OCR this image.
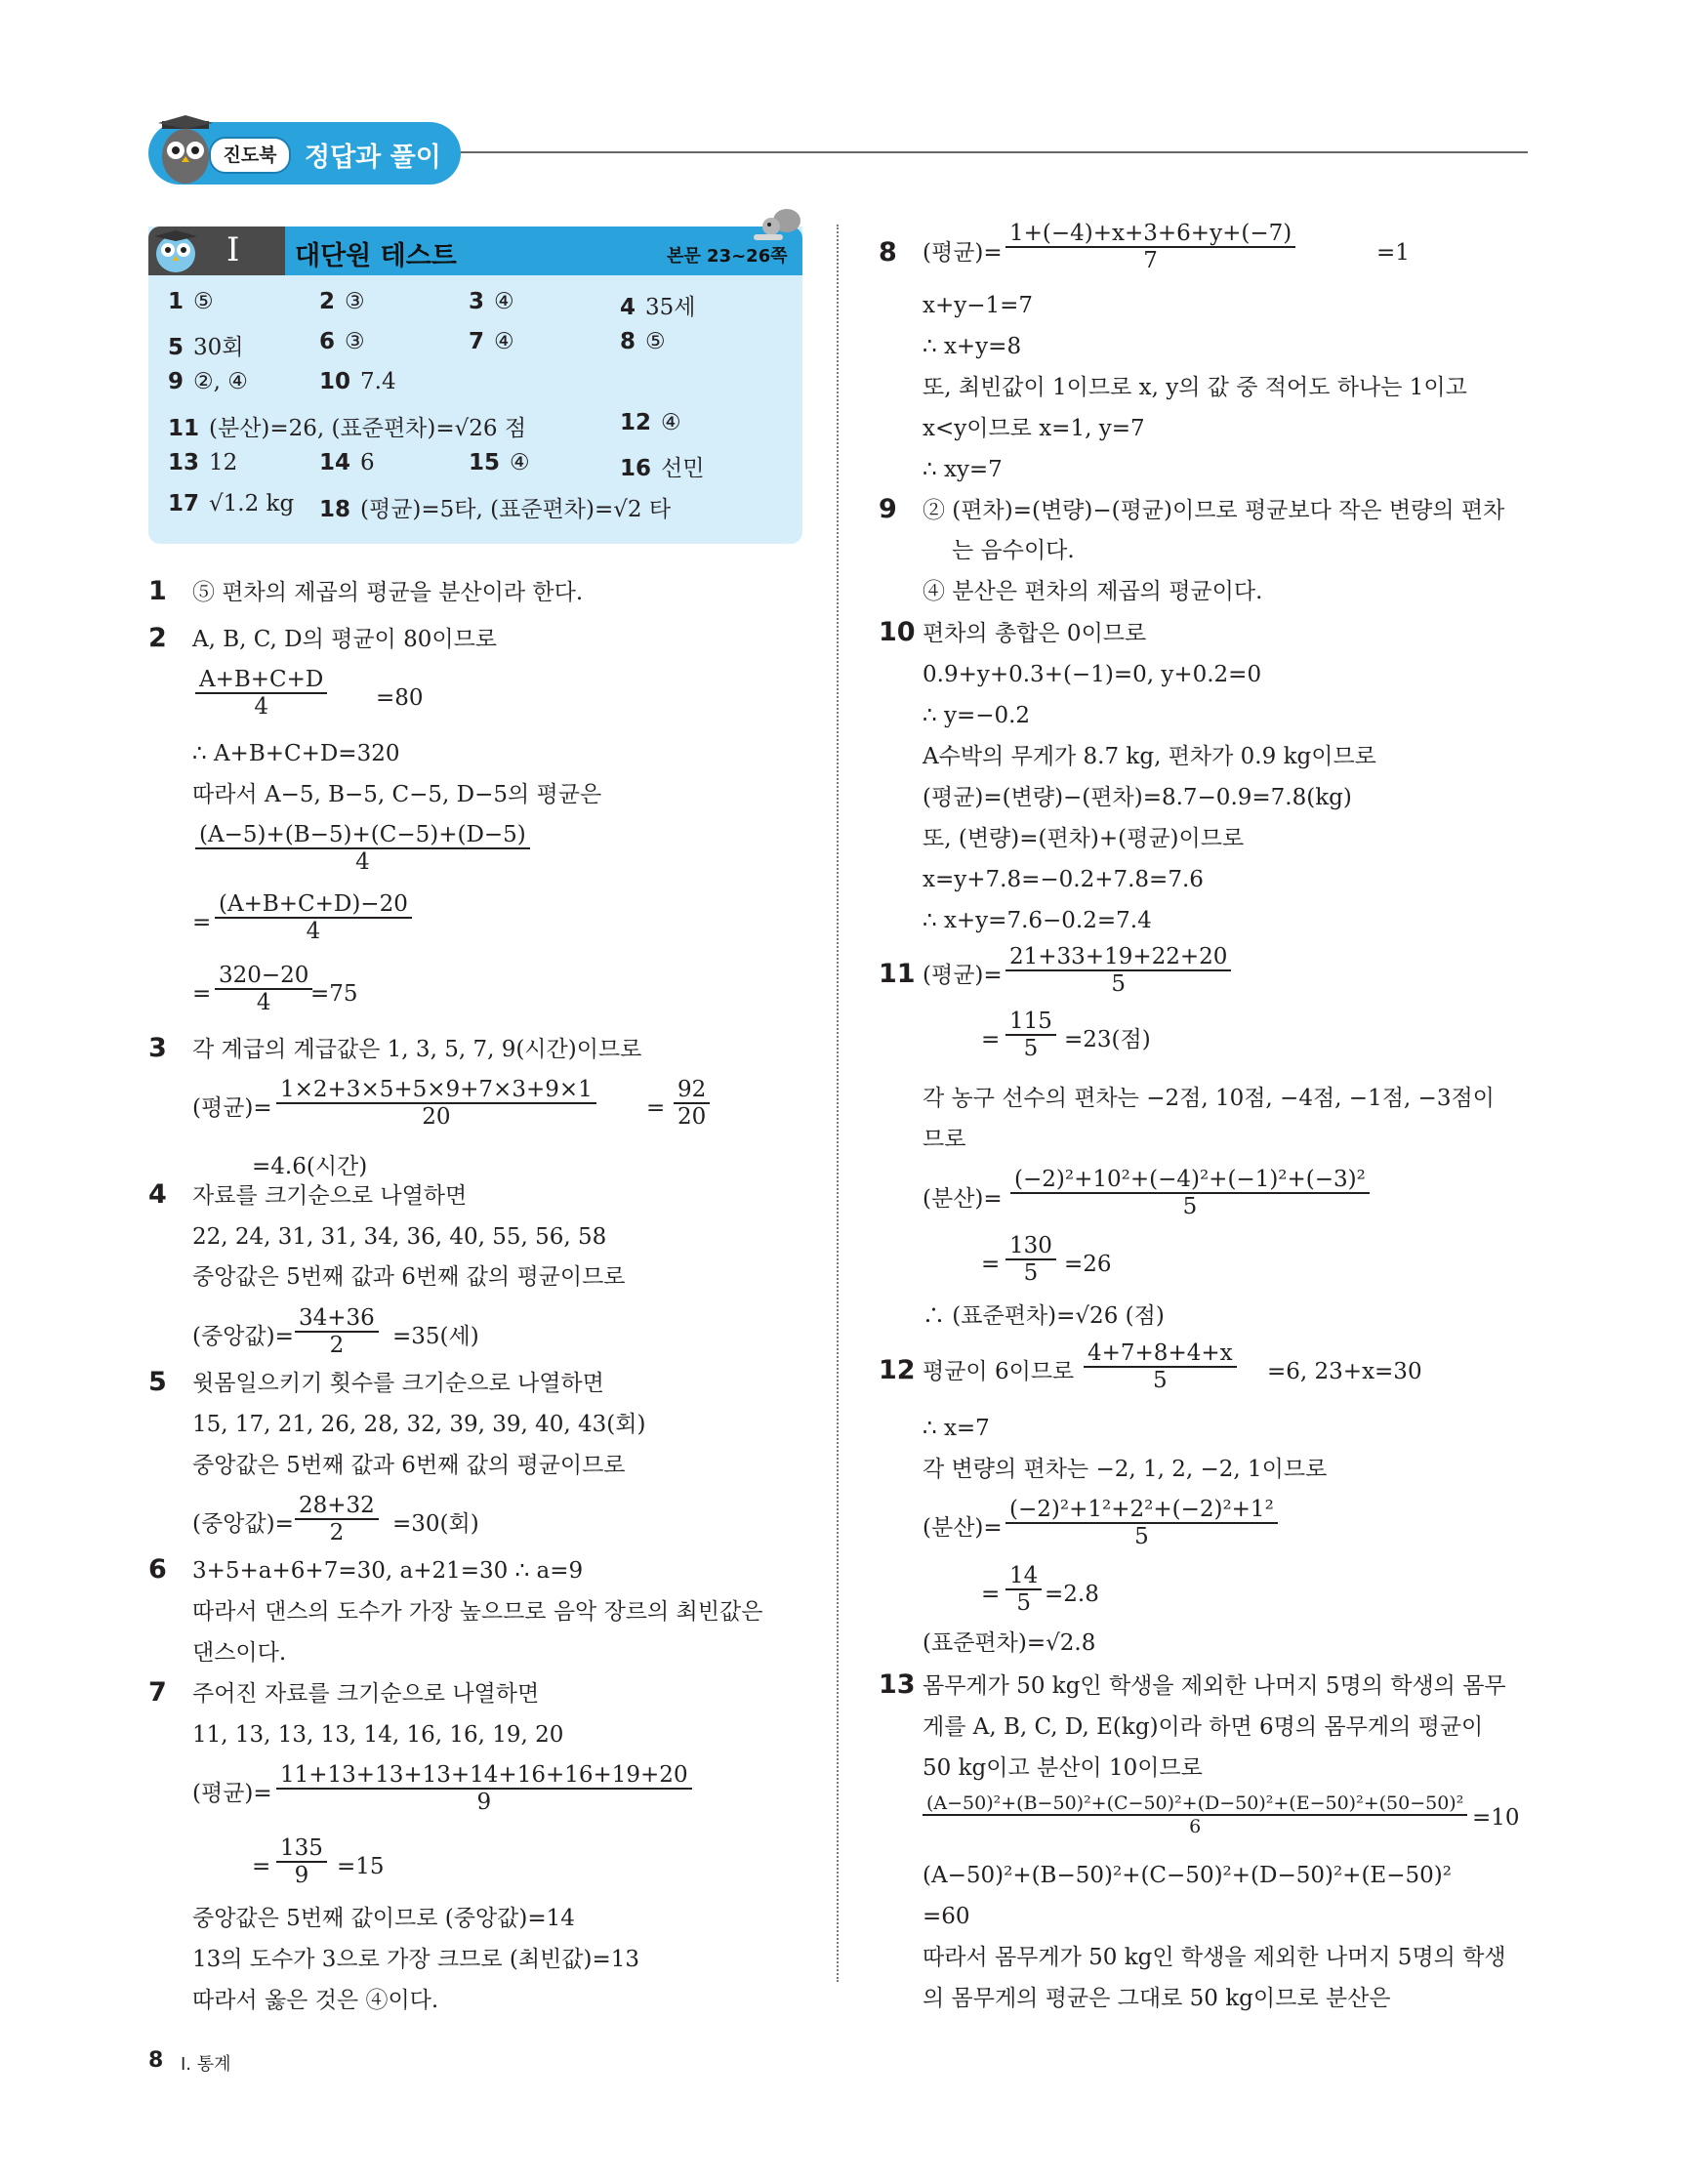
진도북	정답과 풀이
I 대단원 테스트	본문 23~26쪽
1 ⑤	2 ③	3 ④	4 35세
5 30회	6 ③	7 ④	8 ⑤
9 ②, ④	10 7.4
11 (분산)=26, (표준편차)=√26 점	12 ④
13 12	14 6	15 ④	16 선민
17 √1.2 kg 18 (평균)=5타, (표준편차)=√2 타
1 ⑤ 편차의 제곱의 평균을 분산이라 한다.
2 A, B, C, D의 평균이 80이므로
A+B+C+D
4	=80
∴ A+B+C+D=320
따라서 A−5, B−5, C−5, D−5의 평균은
(A−5)+(B−5)+(C−5)+(D−5)
4
=
(A+B+C+D)−20
4
=
320−20
4	=75
3 각 계급의 계급값은 1, 3, 5, 7, 9(시간)이므로
(평균)=
1×2+3×5+5×9+7×3+9×1
20	=
92
20
=4.6(시간)
4 자료를 크기순으로 나열하면
22, 24, 31, 31, 34, 36, 40, 55, 56, 58
중앙값은 5번째 값과 6번째 값의 평균이므로
(중앙값)=
34+36
2	=35(세)
5 윗몸일으키기 횟수를 크기순으로 나열하면
15, 17, 21, 26, 28, 32, 39, 39, 40, 43(회)
중앙값은 5번째 값과 6번째 값의 평균이므로
(중앙값)=
28+32
2	=30(회)
6 3+5+a+6+7=30, a+21=30 ∴ a=9
따라서 댄스의 도수가 가장 높으므로 음악 장르의 최빈값은
댄스이다.
7 주어진 자료를 크기순으로 나열하면
11, 13, 13, 13, 14, 16, 16, 19, 20
(평균)=
11+13+13+13+14+16+16+19+20
9
=
135
9	=15
중앙값은 5번째 값이므로 (중앙값)=14
13의 도수가 3으로 가장 크므로 (최빈값)=13
따라서 옳은 것은 ④이다.
8 (평균)=
1+(−4)+x+3+6+y+(−7)
7	=1
x+y−1=7
∴ x+y=8
또, 최빈값이 1이므로 x, y의 값 중 적어도 하나는 1이고
x<y이므로 x=1, y=7
∴ xy=7
9 ② (편차)=(변량)−(평균)이므로 평균보다 작은 변량의 편차
는 음수이다.
④ 분산은 편차의 제곱의 평균이다.
10 편차의 총합은 0이므로
0.9+y+0.3+(−1)=0, y+0.2=0
∴ y=−0.2
A수박의 무게가 8.7 kg, 편차가 0.9 kg이므로
(평균)=(변량)−(편차)=8.7−0.9=7.8(kg)
또, (변량)=(편차)+(평균)이므로
x=y+7.8=−0.2+7.8=7.6
∴ x+y=7.6−0.2=7.4
11 (평균)=
21+33+19+22+20
5
=
115
5	=23(점)
각 농구 선수의 편차는 −2점, 10점, −4점, −1점, −3점이
므로
(분산)=
(−2)²+10²+(−4)²+(−1)²+(−3)²
5
=
130
5	=26
∴ (표준편차)=√26 (점)
12 평균이 6이므로
4+7+8+4+x
5	=6, 23+x=30
∴ x=7
각 변량의 편차는 −2, 1, 2, −2, 1이므로
(분산)=
(−2)²+1²+2²+(−2)²+1²
5
=
14
5 =2.8
(표준편차)=√2.8
13 몸무게가 50 kg인 학생을 제외한 나머지 5명의 학생의 몸무
게를 A, B, C, D, E(kg)이라 하면 6명의 몸무게의 평균이
50 kg이고 분산이 10이므로
(A−50)²+(B−50)²+(C−50)²+(D−50)²+(E−50)²+(50−50)²
6	=10
(A−50)²+(B−50)²+(C−50)²+(D−50)²+(E−50)²
=60
따라서 몸무게가 50 kg인 학생을 제외한 나머지 5명의 학생
의 몸무게의 평균은 그대로 50 kg이므로 분산은
8 Ⅰ. 통계
